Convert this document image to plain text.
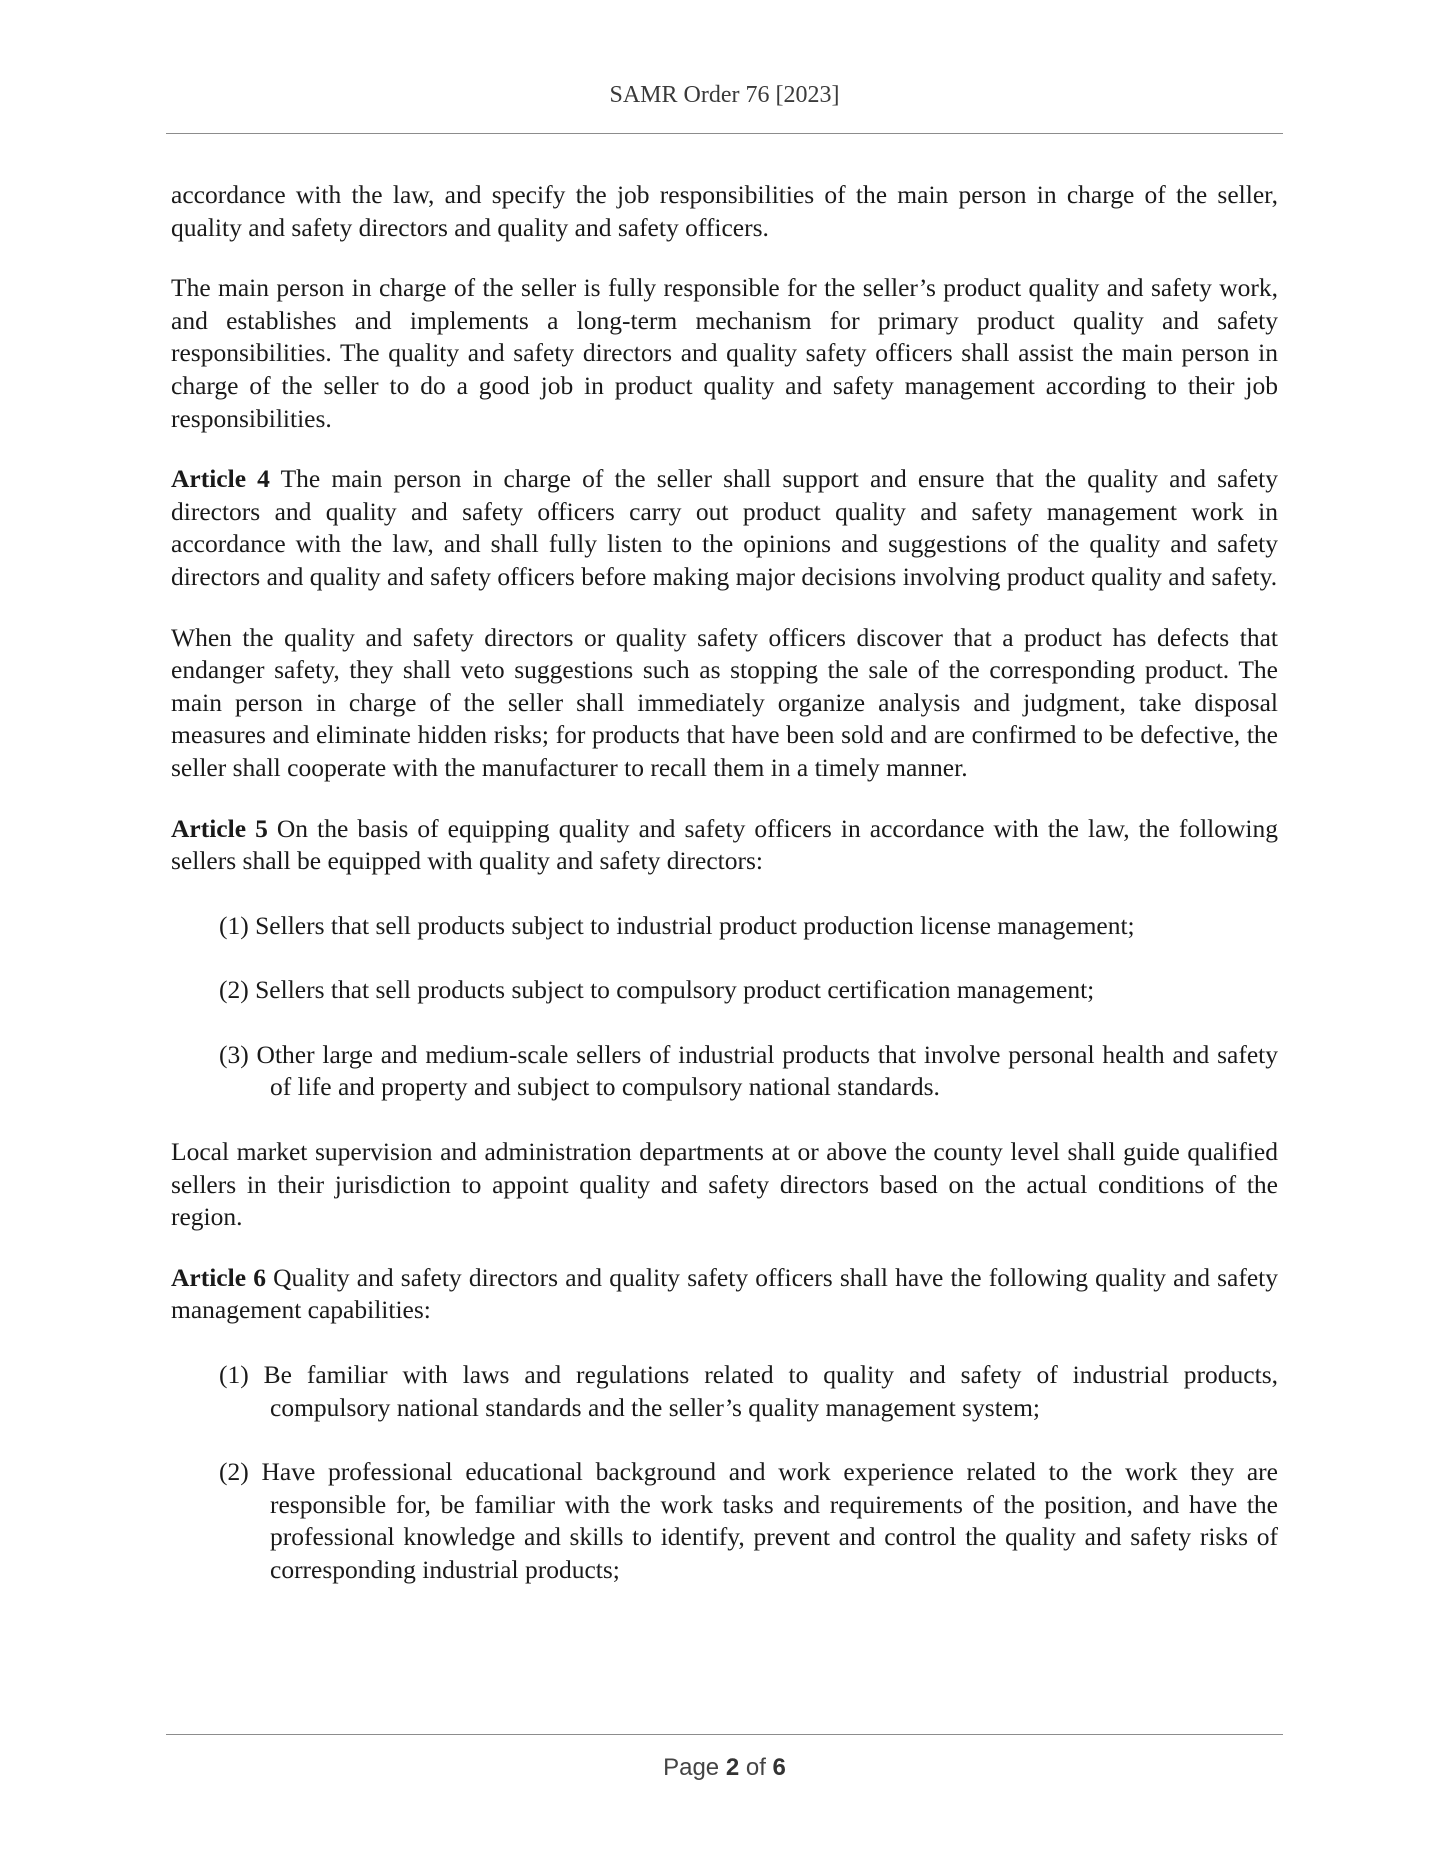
SAMR Order 76 [2023]

accordance with the law, and specify the job responsibilities of the main person in charge of the seller, quality and safety directors and quality and safety officers.

The main person in charge of the seller is fully responsible for the seller’s product quality and safety work, and establishes and implements a long-term mechanism for primary product quality and safety responsibilities. The quality and safety directors and quality safety officers shall assist the main person in charge of the seller to do a good job in product quality and safety management according to their job responsibilities.

Article 4 The main person in charge of the seller shall support and ensure that the quality and safety directors and quality and safety officers carry out product quality and safety management work in accordance with the law, and shall fully listen to the opinions and suggestions of the quality and safety directors and quality and safety officers before making major decisions involving product quality and safety.

When the quality and safety directors or quality safety officers discover that a product has defects that endanger safety, they shall veto suggestions such as stopping the sale of the corresponding product. The main person in charge of the seller shall immediately organize analysis and judgment, take disposal measures and eliminate hidden risks; for products that have been sold and are confirmed to be defective, the seller shall cooperate with the manufacturer to recall them in a timely manner.

Article 5 On the basis of equipping quality and safety officers in accordance with the law, the following sellers shall be equipped with quality and safety directors:

(1) Sellers that sell products subject to industrial product production license management;
(2) Sellers that sell products subject to compulsory product certification management;
(3) Other large and medium-scale sellers of industrial products that involve personal health and safety of life and property and subject to compulsory national standards.

Local market supervision and administration departments at or above the county level shall guide qualified sellers in their jurisdiction to appoint quality and safety directors based on the actual conditions of the region.

Article 6 Quality and safety directors and quality safety officers shall have the following quality and safety management capabilities:

(1) Be familiar with laws and regulations related to quality and safety of industrial products, compulsory national standards and the seller’s quality management system;
(2) Have professional educational background and work experience related to the work they are responsible for, be familiar with the work tasks and requirements of the position, and have the professional knowledge and skills to identify, prevent and control the quality and safety risks of corresponding industrial products;
Page 2 of 6
